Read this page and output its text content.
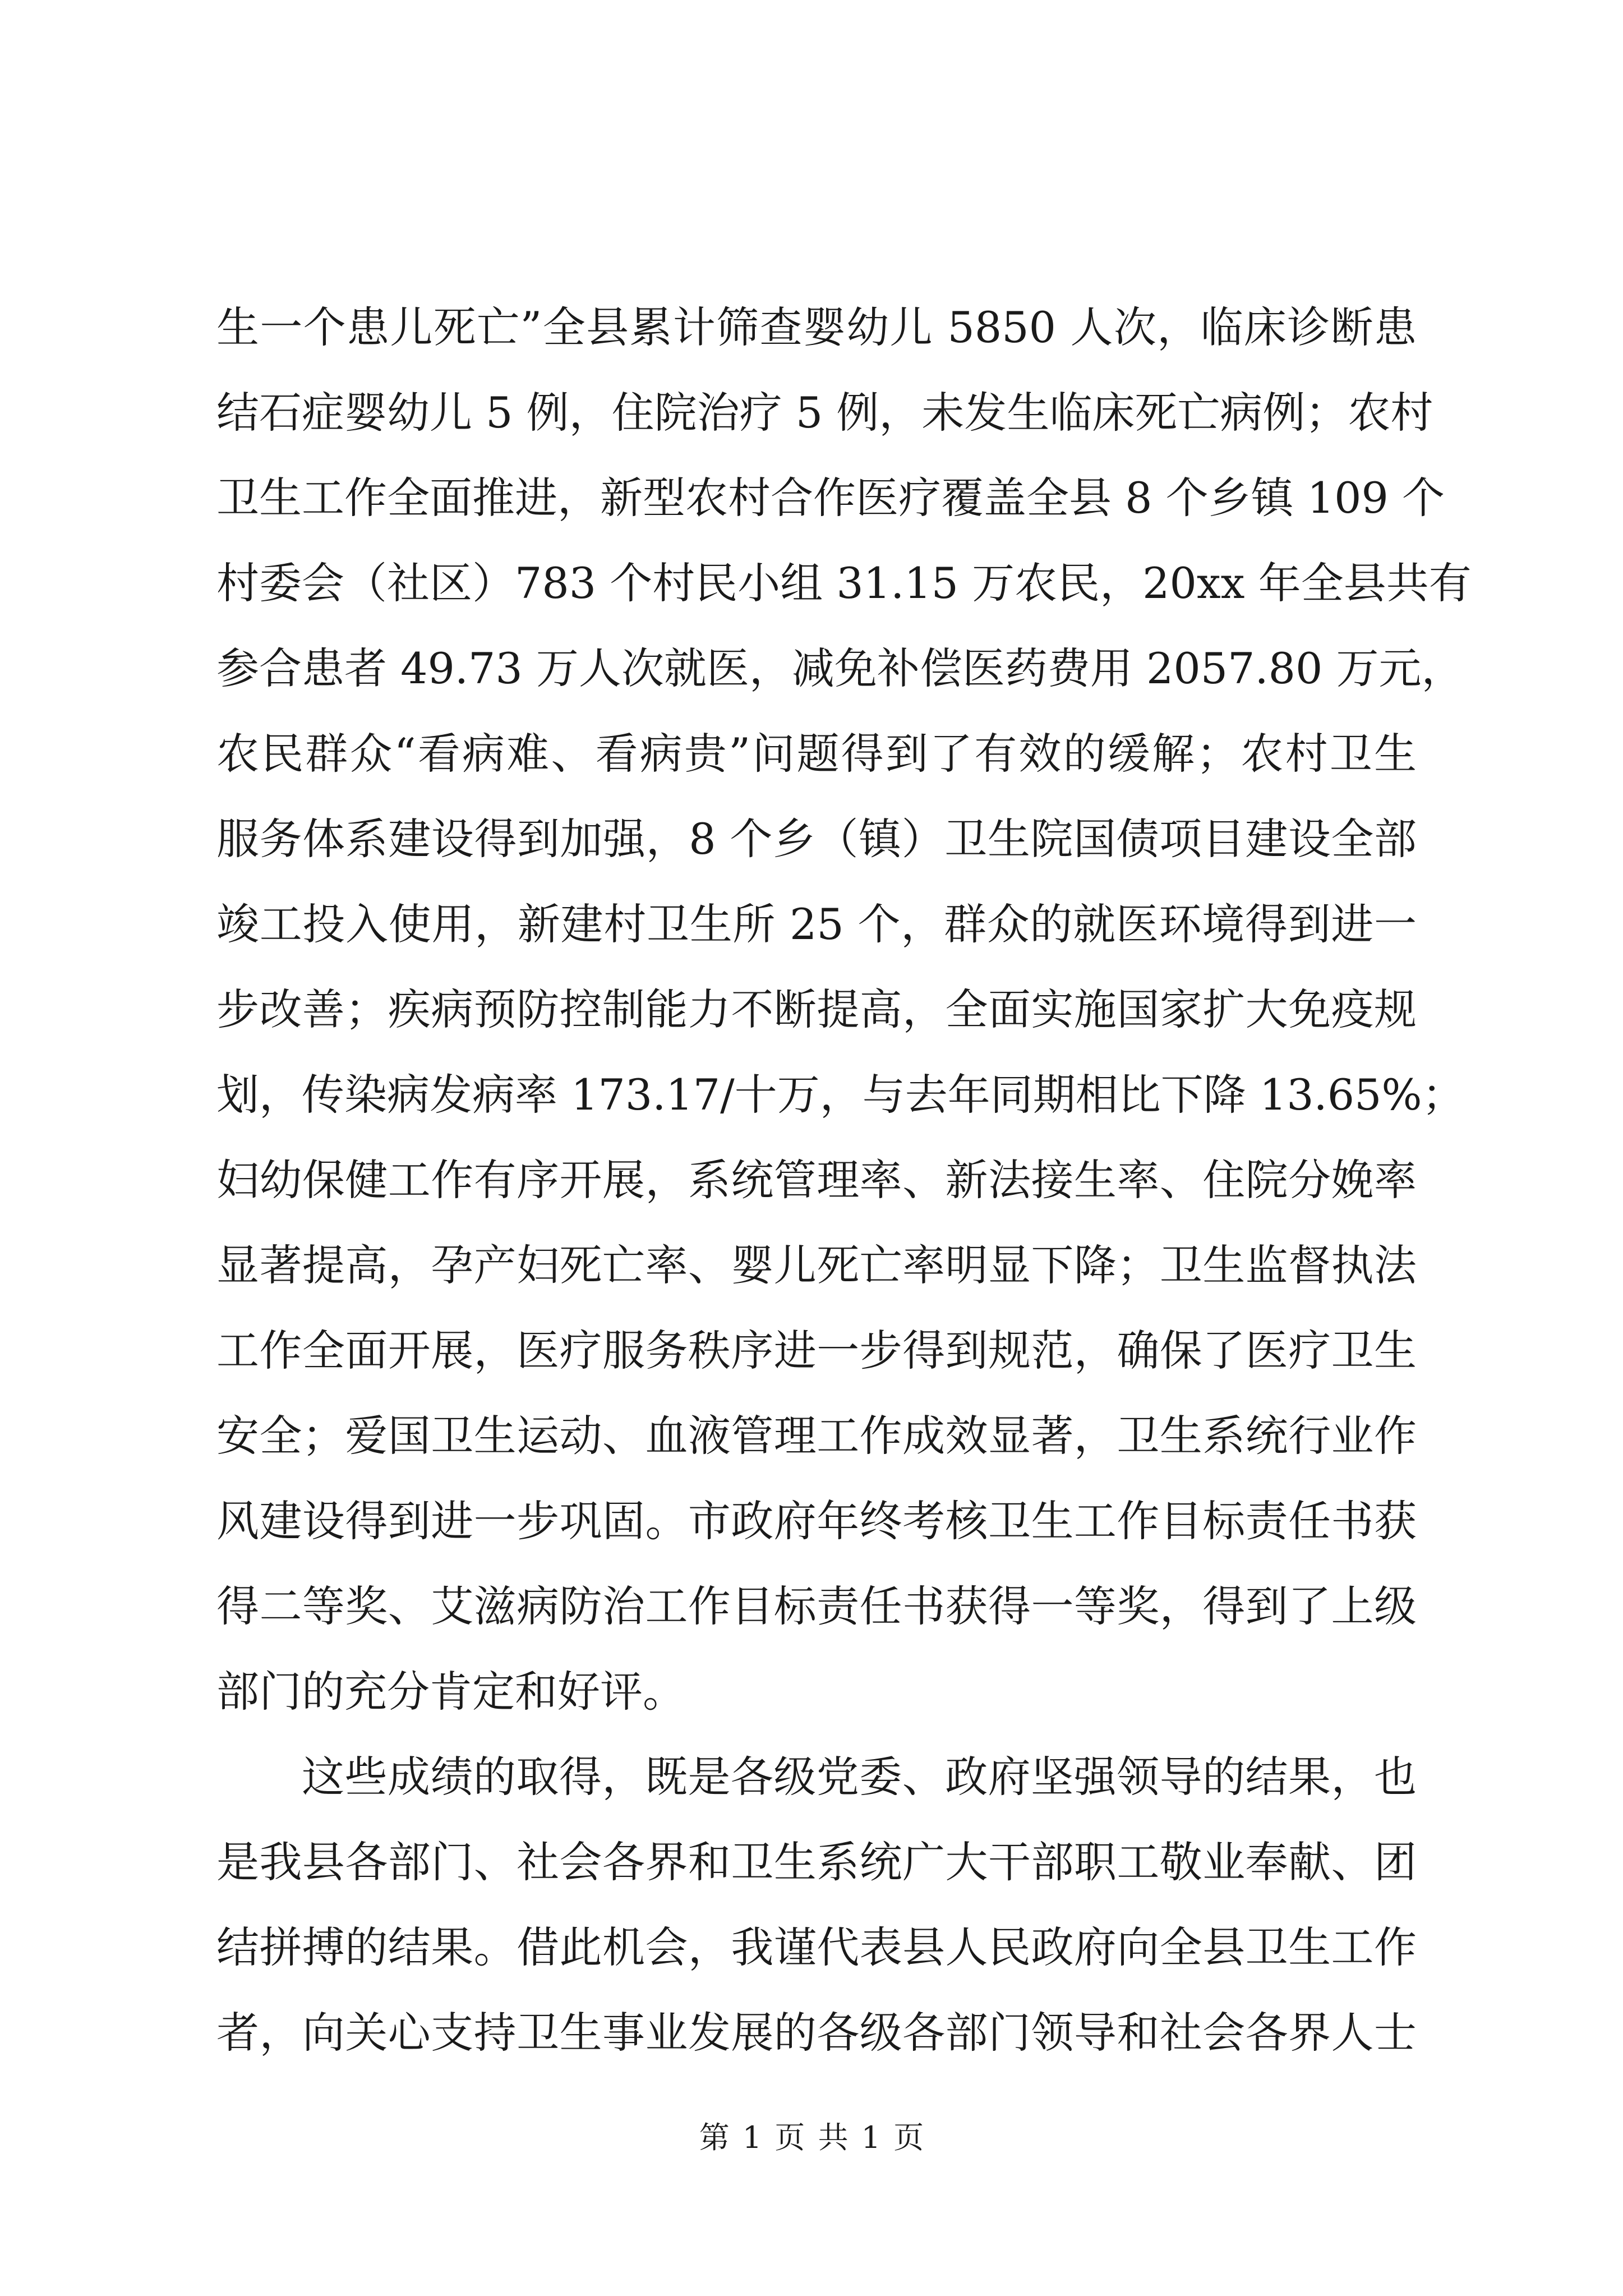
生一个患儿死亡”全县累计筛查婴幼儿 5850 人次，临床诊断患
结石症婴幼儿 5 例，住院治疗 5 例，未发生临床死亡病例；农村
卫生工作全面推进，新型农村合作医疗覆盖全县 8 个乡镇 109 个
村委会（社区）783 个村民小组 31.15 万农民，20xx 年全县共有
参合患者 49.73 万人次就医，减免补偿医药费用 2057.80 万元，
农民群众“看病难、看病贵”问题得到了有效的缓解；农村卫生
服务体系建设得到加强，8 个乡（镇）卫生院国债项目建设全部
竣工投入使用，新建村卫生所 25 个，群众的就医环境得到进一
步改善；疾病预防控制能力不断提高，全面实施国家扩大免疫规
划，传染病发病率 173.17/十万，与去年同期相比下降 13.65%；
妇幼保健工作有序开展，系统管理率、新法接生率、住院分娩率
显著提高，孕产妇死亡率、婴儿死亡率明显下降；卫生监督执法
工作全面开展，医疗服务秩序进一步得到规范，确保了医疗卫生
安全；爱国卫生运动、血液管理工作成效显著，卫生系统行业作
风建设得到进一步巩固。市政府年终考核卫生工作目标责任书获
得二等奖、艾滋病防治工作目标责任书获得一等奖，得到了上级
部门的充分肯定和好评。
这些成绩的取得，既是各级党委、政府坚强领导的结果，也
是我县各部门、社会各界和卫生系统广大干部职工敬业奉献、团
结拼搏的结果。借此机会，我谨代表县人民政府向全县卫生工作
者，向关心支持卫生事业发展的各级各部门领导和社会各界人士
第 1 页 共 1 页
